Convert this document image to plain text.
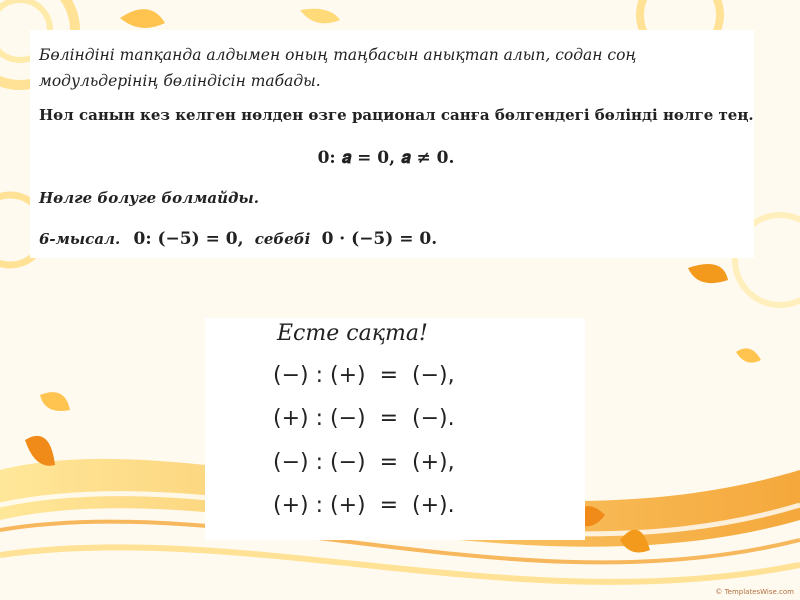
Бөліндіні тапқанда алдымен оның таңбасын анықтап алып, содан соң модульдерінің бөліндісін табады.

Нөл санын кез келген нөлден өзге рационал санға бөлгендегі бөлінді нөлге тең.

𝟎: 𝒂 = 𝟎, 𝒂 ≠ 𝟎.

Нөлге болуге болмайды.

6-мысал. 𝟎: (−𝟓) = 𝟎, себебі 𝟎 · (−𝟓) = 𝟎.

Есте сақта!
(−) : (+)  =  (−),
(+) : (−)  =  (−).
(−) : (−)  =  (+),
(+) : (+)  =  (+).
© TemplatesWise.com
